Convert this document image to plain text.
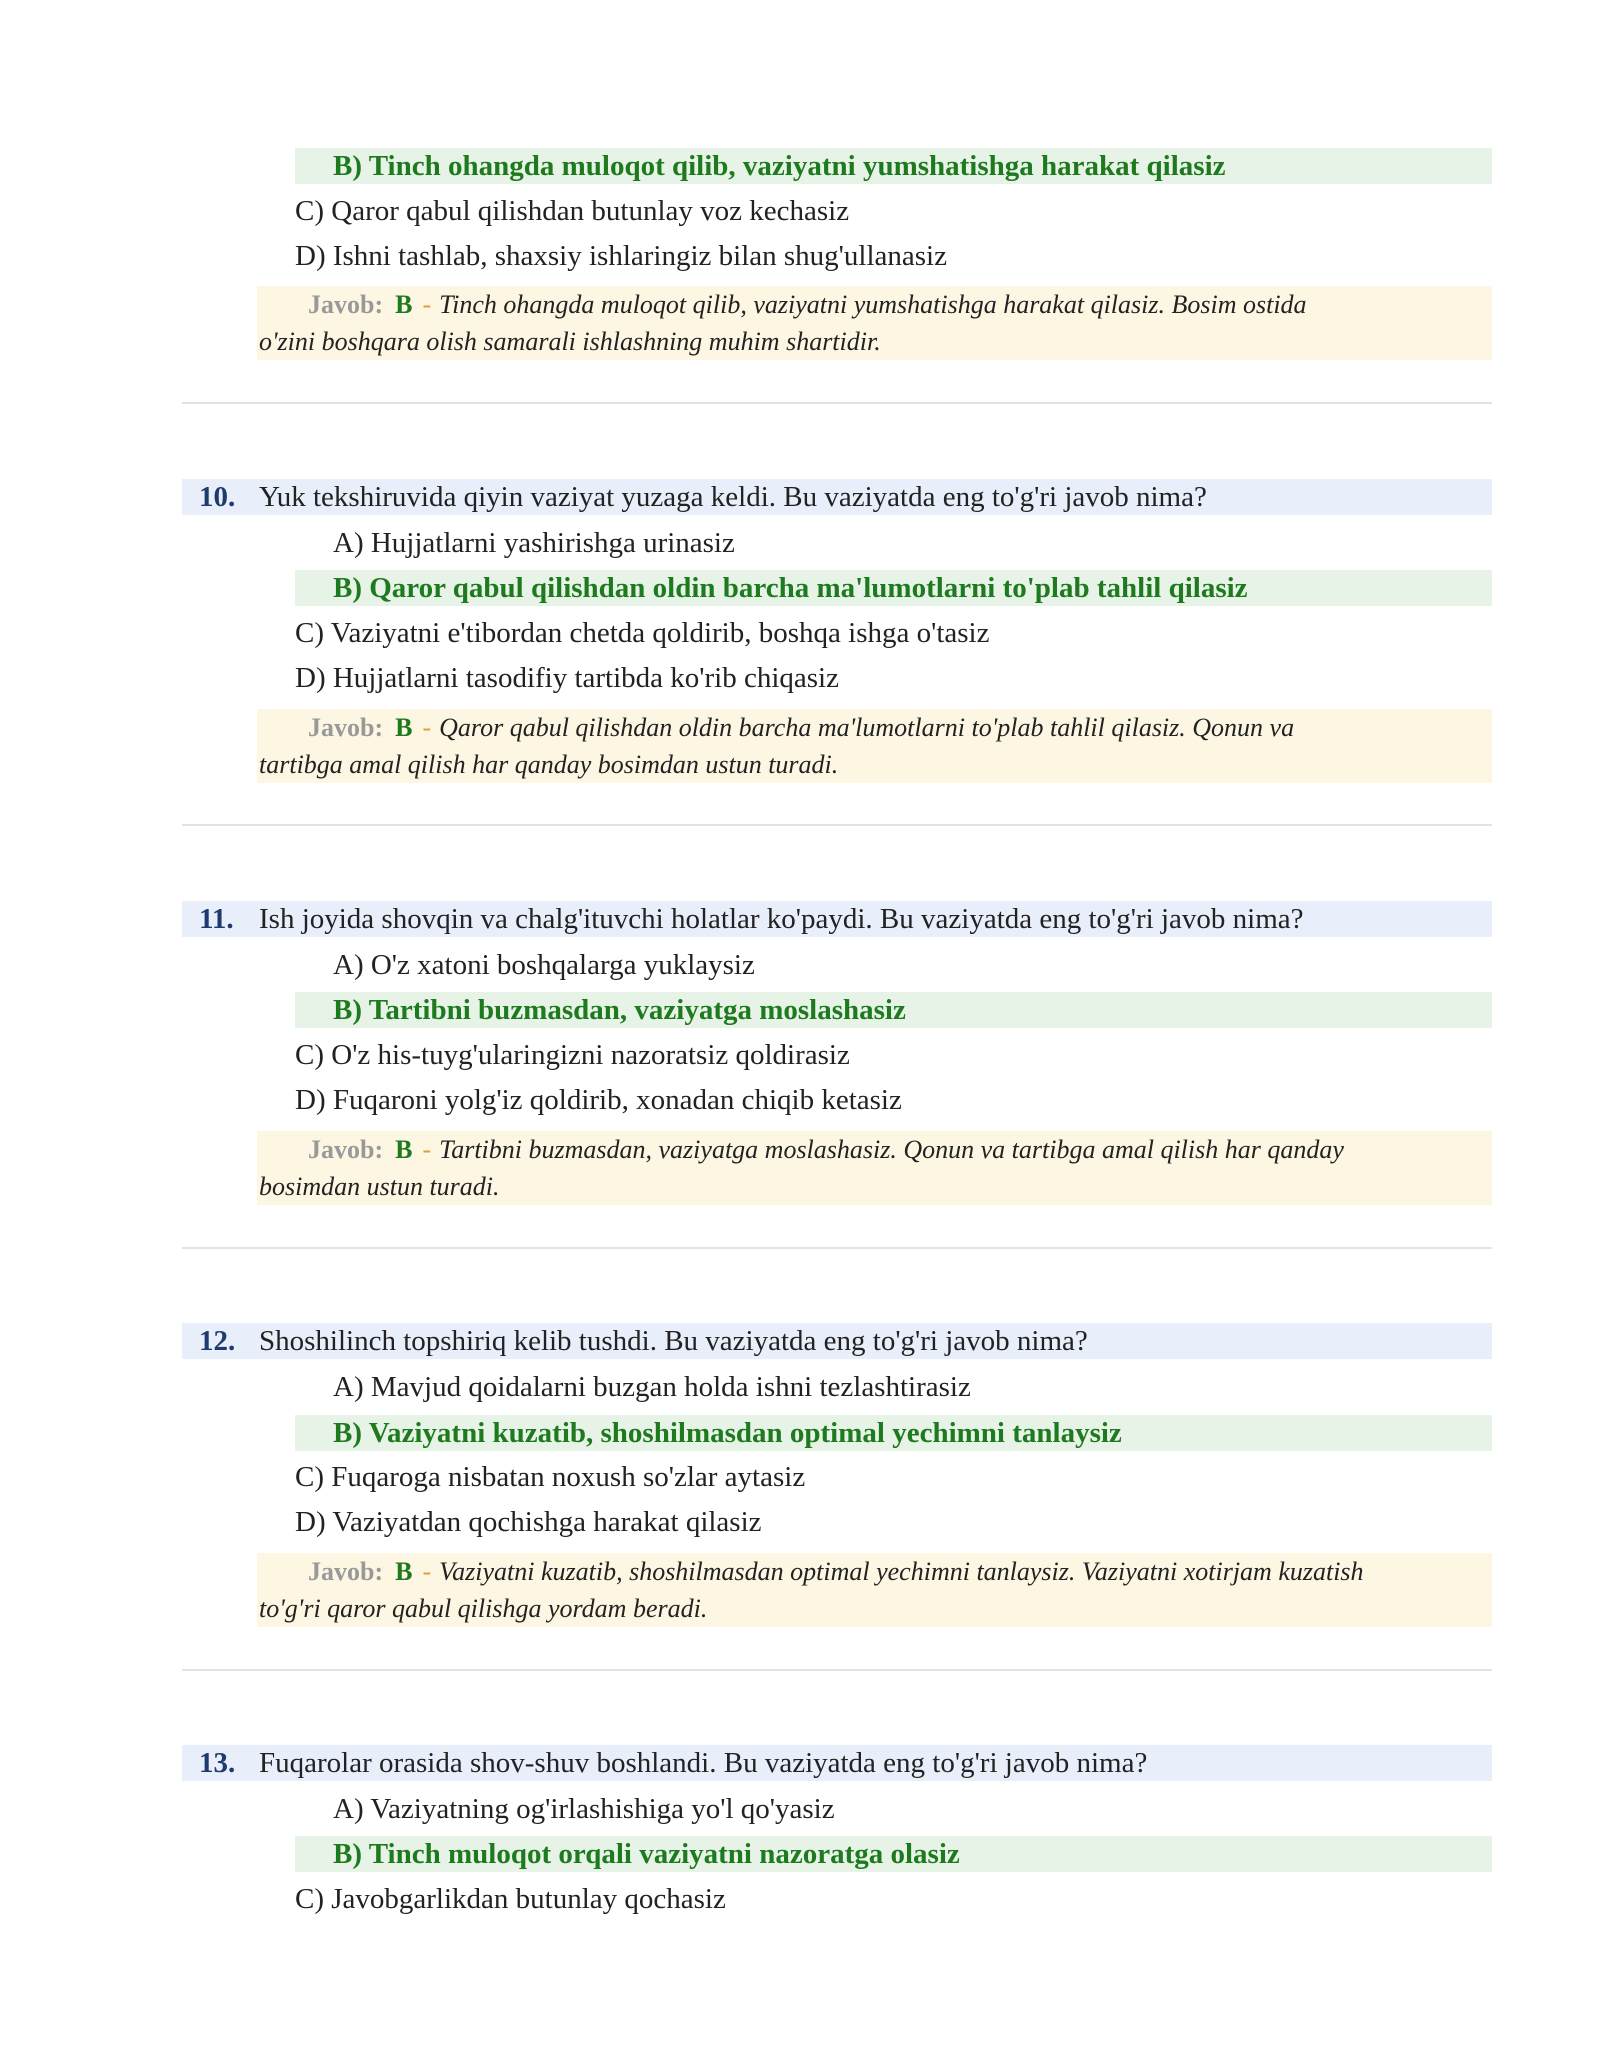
B) Tinch ohangda muloqot qilib, vaziyatni yumshatishga harakat qilasiz
C) Qaror qabul qilishdan butunlay voz kechasiz
D) Ishni tashlab, shaxsiy ishlaringiz bilan shug'ullanasiz
Javob: B - Tinch ohangda muloqot qilib, vaziyatni yumshatishga harakat qilasiz. Bosim ostida
o'zini boshqara olish samarali ishlashning muhim shartidir.
10. Yuk tekshiruvida qiyin vaziyat yuzaga keldi. Bu vaziyatda eng to'g'ri javob nima?
A) Hujjatlarni yashirishga urinasiz
B) Qaror qabul qilishdan oldin barcha ma'lumotlarni to'plab tahlil qilasiz
C) Vaziyatni e'tibordan chetda qoldirib, boshqa ishga o'tasiz
D) Hujjatlarni tasodifiy tartibda ko'rib chiqasiz
Javob: B - Qaror qabul qilishdan oldin barcha ma'lumotlarni to'plab tahlil qilasiz. Qonun va
tartibga amal qilish har qanday bosimdan ustun turadi.
11. Ish joyida shovqin va chalg'ituvchi holatlar ko'paydi. Bu vaziyatda eng to'g'ri javob nima?
A) O'z xatoni boshqalarga yuklaysiz
B) Tartibni buzmasdan, vaziyatga moslashasiz
C) O'z his-tuyg'ularingizni nazoratsiz qoldirasiz
D) Fuqaroni yolg'iz qoldirib, xonadan chiqib ketasiz
Javob: B - Tartibni buzmasdan, vaziyatga moslashasiz. Qonun va tartibga amal qilish har qanday
bosimdan ustun turadi.
12. Shoshilinch topshiriq kelib tushdi. Bu vaziyatda eng to'g'ri javob nima?
A) Mavjud qoidalarni buzgan holda ishni tezlashtirasiz
B) Vaziyatni kuzatib, shoshilmasdan optimal yechimni tanlaysiz
C) Fuqaroga nisbatan noxush so'zlar aytasiz
D) Vaziyatdan qochishga harakat qilasiz
Javob: B - Vaziyatni kuzatib, shoshilmasdan optimal yechimni tanlaysiz. Vaziyatni xotirjam kuzatish
to'g'ri qaror qabul qilishga yordam beradi.
13. Fuqarolar orasida shov-shuv boshlandi. Bu vaziyatda eng to'g'ri javob nima?
A) Vaziyatning og'irlashishiga yo'l qo'yasiz
B) Tinch muloqot orqali vaziyatni nazoratga olasiz
C) Javobgarlikdan butunlay qochasiz
